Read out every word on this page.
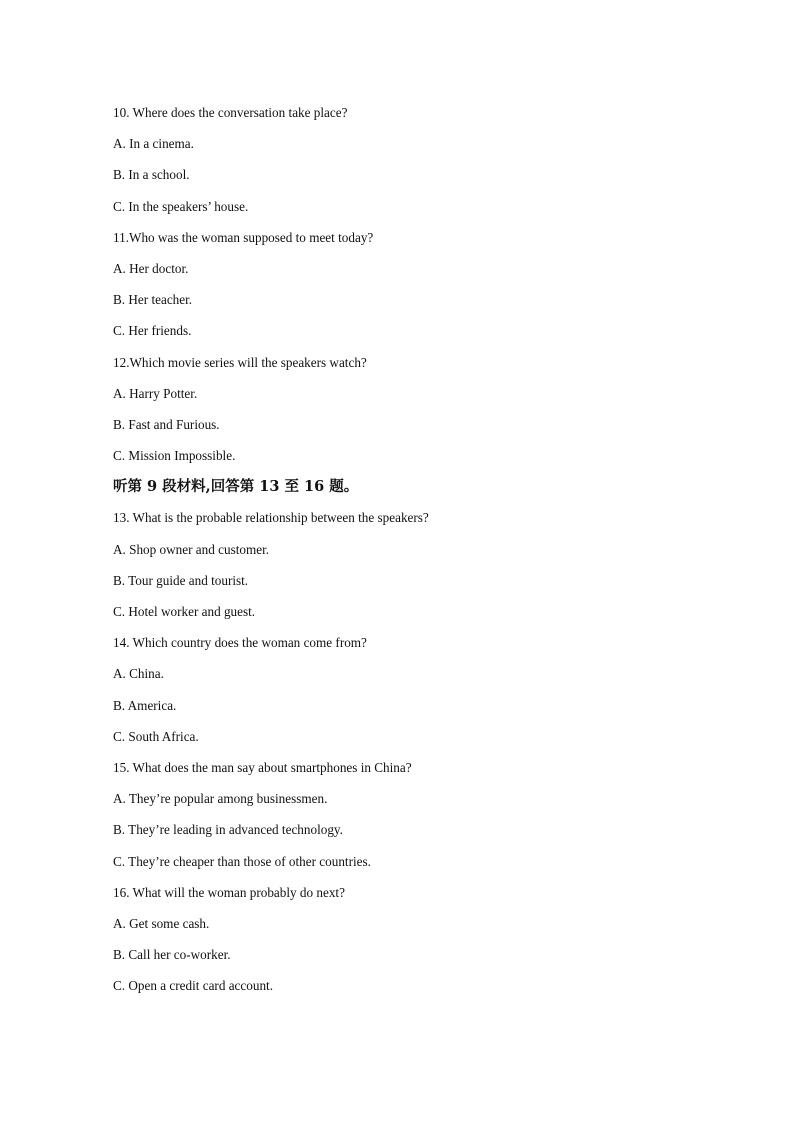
10. Where does the conversation take place?
A. In a cinema.
B. In a school.
C. In the speakers’ house.
11.Who was the woman supposed to meet today?
A. Her doctor.
B. Her teacher.
C. Her friends.
12.Which movie series will the speakers watch?
A. Harry Potter.
B. Fast and Furious.
C. Mission Impossible.
听第 9 段材料,回答第 13 至 16 题。
13. What is the probable relationship between the speakers?
A. Shop owner and customer.
B. Tour guide and tourist.
C. Hotel worker and guest.
14. Which country does the woman come from?
A. China.
B. America.
C. South Africa.
15. What does the man say about smartphones in China?
A. They’re popular among businessmen.
B. They’re leading in advanced technology.
C. They’re cheaper than those of other countries.
16. What will the woman probably do next?
A. Get some cash.
B. Call her co-worker.
C. Open a credit card account.
